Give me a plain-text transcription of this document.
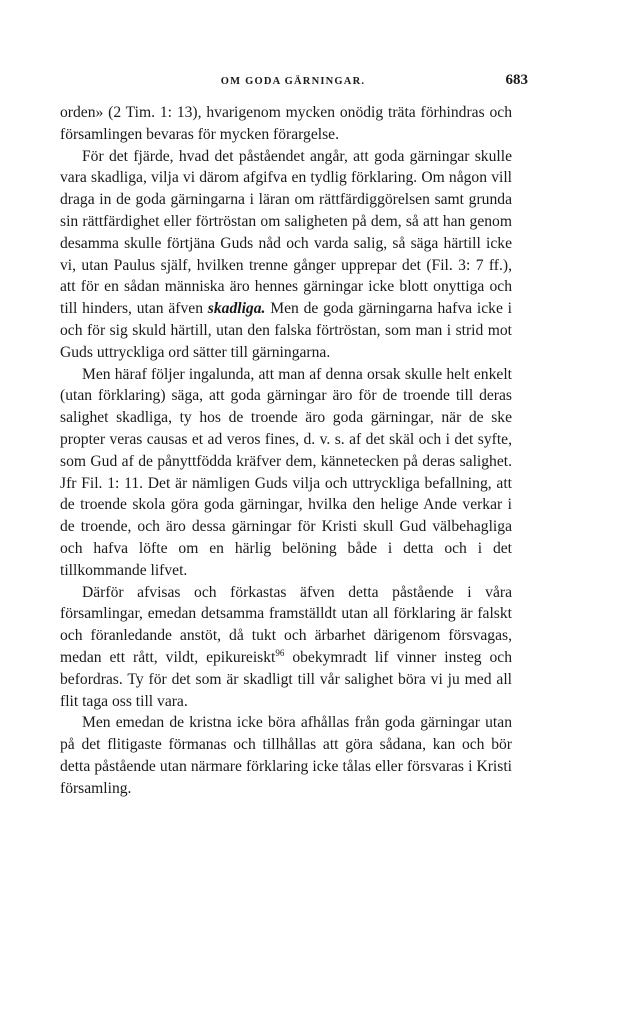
OM GODA GÄRNINGAR.	683

orden» (2 Tim. 1: 13), hvarigenom mycken onödig träta förhindras och församlingen bevaras för mycken förargelse.

För det fjärde, hvad det påståendet angår, att goda gärningar skulle vara skadliga, vilja vi därom afgifva en tydlig förklaring. Om någon vill draga in de goda gärningarna i läran om rättfärdiggörelsen samt grunda sin rättfärdighet eller förtröstan om saligheten på dem, så att han genom desamma skulle förtjäna Guds nåd och varda salig, så säga härtill icke vi, utan Paulus själf, hvilken trenne gånger upprepar det (Fil. 3: 7 ff.), att för en sådan människa äro hennes gärningar icke blott onyttiga och till hinders, utan äfven skadliga. Men de goda gärningarna hafva icke i och för sig skuld härtill, utan den falska förtröstan, som man i strid mot Guds uttryckliga ord sätter till gärningarna.

Men häraf följer ingalunda, att man af denna orsak skulle helt enkelt (utan förklaring) säga, att goda gärningar äro för de troende till deras salighet skadliga, ty hos de troende äro goda gärningar, när de ske propter veras causas et ad veros fines, d. v. s. af det skäl och i det syfte, som Gud af de pånyttfödda kräfver dem, kännetecken på deras salighet. Jfr Fil. 1: 11. Det är nämligen Guds vilja och uttryckliga befallning, att de troende skola göra goda gärningar, hvilka den helige Ande verkar i de troende, och äro dessa gärningar för Kristi skull Gud välbehagliga och hafva löfte om en härlig belöning både i detta och i det tillkommande lifvet.

Därför afvisas och förkastas äfven detta påstående i våra församlingar, emedan detsamma framställdt utan all förklaring är falskt och föranledande anstöt, då tukt och ärbarhet därigenom försvagas, medan ett rått, vildt, epikureiskt$^{96}$ obekymradt lif vinner insteg och befordras. Ty för det som är skadligt till vår salighet böra vi ju med all flit taga oss till vara.

Men emedan de kristna icke böra afhållas från goda gärningar utan på det flitigaste förmanas och tillhållas att göra sådana, kan och bör detta påstående utan närmare förklaring icke tålas eller försvaras i Kristi församling.
